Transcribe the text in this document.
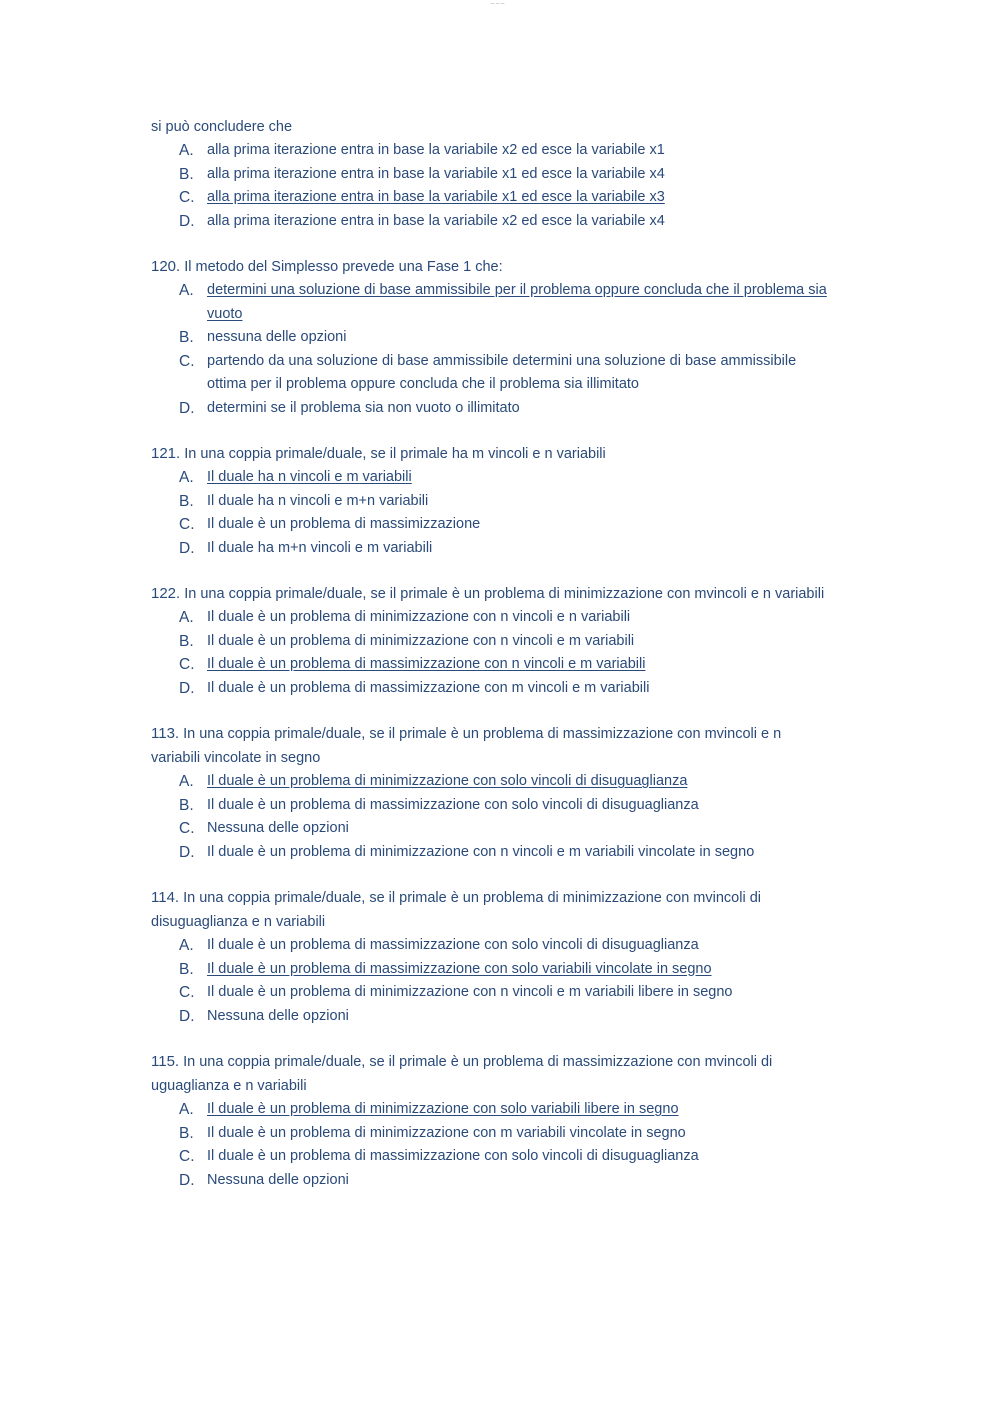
_ _ _
si può concludere che
A. alla prima iterazione entra in base la variabile x2 ed esce la variabile x1
B. alla prima iterazione entra in base la variabile x1 ed esce la variabile x4
C. alla prima iterazione entra in base la variabile x1 ed esce la variabile x3
D. alla prima iterazione entra in base la variabile x2 ed esce la variabile x4
120. Il metodo del Simplesso prevede una Fase 1 che:
A. determini una soluzione di base ammissibile per il problema oppure concluda che il problema sia vuoto
B. nessuna delle opzioni
C. partendo da una soluzione di base ammissibile determini una soluzione di base ammissibile ottima per il problema oppure concluda che il problema sia illimitato
D. determini se il problema sia non vuoto o illimitato
121. In una coppia primale/duale, se il primale ha m vincoli e n variabili
A. Il duale ha n vincoli e m variabili
B. Il duale ha n vincoli e m+n variabili
C. Il duale è un problema di massimizzazione
D. Il duale ha m+n vincoli e m variabili
122. In una coppia primale/duale, se il primale è un problema di minimizzazione con mvincoli e n variabili
A. Il duale è un problema di minimizzazione con n vincoli e n variabili
B. Il duale è un problema di minimizzazione con n vincoli e m variabili
C. Il duale è un problema di massimizzazione con n vincoli e m variabili
D. Il duale è un problema di massimizzazione con m vincoli e m variabili
113. In una coppia primale/duale, se il primale è un problema di massimizzazione con mvincoli e n variabili vincolate in segno
A. Il duale è un problema di minimizzazione con solo vincoli di disuguaglianza
B. Il duale è un problema di massimizzazione con solo vincoli di disuguaglianza
C. Nessuna delle opzioni
D. Il duale è un problema di minimizzazione con n vincoli e m variabili vincolate in segno
114. In una coppia primale/duale, se il primale è un problema di minimizzazione con mvincoli di disuguaglianza e n variabili
A. Il duale è un problema di massimizzazione con solo vincoli di disuguaglianza
B. Il duale è un problema di massimizzazione con solo variabili vincolate in segno
C. Il duale è un problema di minimizzazione con n vincoli e m variabili libere in segno
D. Nessuna delle opzioni
115. In una coppia primale/duale, se il primale è un problema di massimizzazione con mvincoli di uguaglianza e n variabili
A. Il duale è un problema di minimizzazione con solo variabili libere in segno
B. Il duale è un problema di minimizzazione con m variabili vincolate in segno
C. Il duale è un problema di massimizzazione con solo vincoli di disuguaglianza
D. Nessuna delle opzioni
